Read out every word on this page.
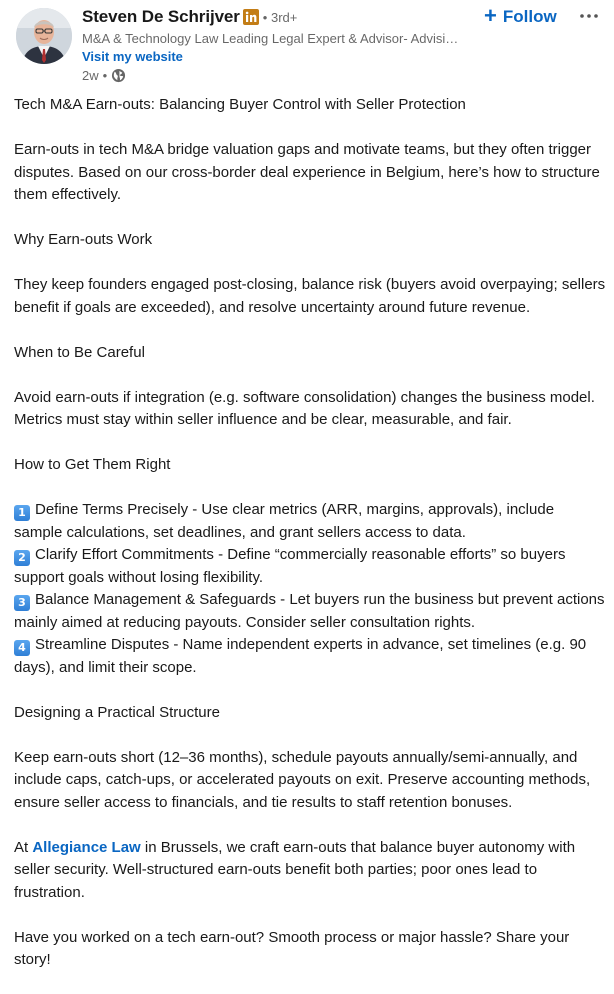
Steven De Schrijver • 3rd+
M&A & Technology Law Leading Legal Expert & Advisor- Advisi…
Visit my website
2w •
+ Follow

Tech M&A Earn-outs: Balancing Buyer Control with Seller Protection

Earn-outs in tech M&A bridge valuation gaps and motivate teams, but they often trigger disputes. Based on our cross-border deal experience in Belgium, here’s how to structure them effectively.

Why Earn-outs Work

They keep founders engaged post-closing, balance risk (buyers avoid overpaying; sellers benefit if goals are exceeded), and resolve uncertainty around future revenue.

When to Be Careful

Avoid earn-outs if integration (e.g. software consolidation) changes the business model. Metrics must stay within seller influence and be clear, measurable, and fair.

How to Get Them Right

1 Define Terms Precisely - Use clear metrics (ARR, margins, approvals), include sample calculations, set deadlines, and grant sellers access to data.

2 Clarify Effort Commitments - Define “commercially reasonable efforts” so buyers support goals without losing flexibility.

3 Balance Management & Safeguards - Let buyers run the business but prevent actions mainly aimed at reducing payouts. Consider seller consultation rights.

4 Streamline Disputes - Name independent experts in advance, set timelines (e.g. 90 days), and limit their scope.

Designing a Practical Structure

Keep earn-outs short (12–36 months), schedule payouts annually/semi-annually, and include caps, catch-ups, or accelerated payouts on exit. Preserve accounting methods, ensure seller access to financials, and tie results to staff retention bonuses.

At Allegiance Law in Brussels, we craft earn-outs that balance buyer autonomy with seller security. Well-structured earn-outs benefit both parties; poor ones lead to frustration.

Have you worked on a tech earn-out? Smooth process or major hassle? Share your story!
